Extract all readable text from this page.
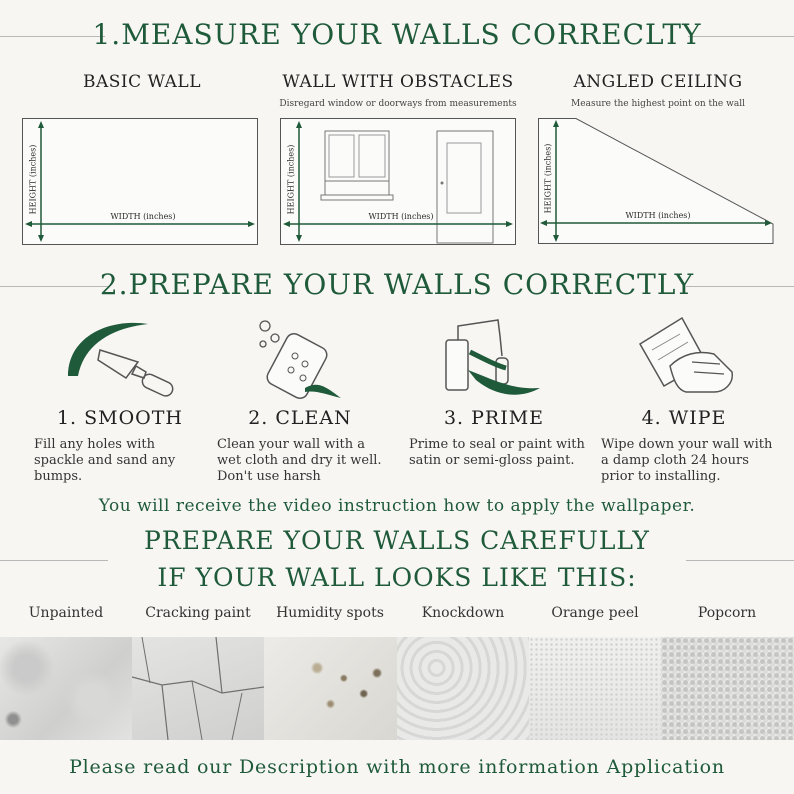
1.MEASURE YOUR WALLS CORRECLTY
BASIC WALL
HEIGHT (inches)
WIDTH (inches)
WALL WITH OBSTACLES
Disregard window or doorways from measurements
HEIGHT (inches)
WIDTH (inches)
ANGLED CEILING
Measure the highest point on the wall
HEIGHT (inches)
WIDTH (inches)
2.PREPARE YOUR WALLS CORRECTLY
1. SMOOTH	2. CLEAN	3. PRIME	4. WIPE
Fill any holes with spackle and sand any bumps.
Clean your wall with a wet cloth and dry it well. Don't use harsh
Prime to seal or paint with satin or semi-gloss paint.
Wipe down your wall with a damp cloth 24 hours prior to installing.
You will receive the video instruction how to apply the wallpaper.
PREPARE YOUR WALLS CAREFULLY
IF YOUR WALL LOOKS LIKE THIS:
Unpainted	Cracking paint	Humidity spots	Knockdown	Orange peel	Popcorn
Please read our Description with more information Application
